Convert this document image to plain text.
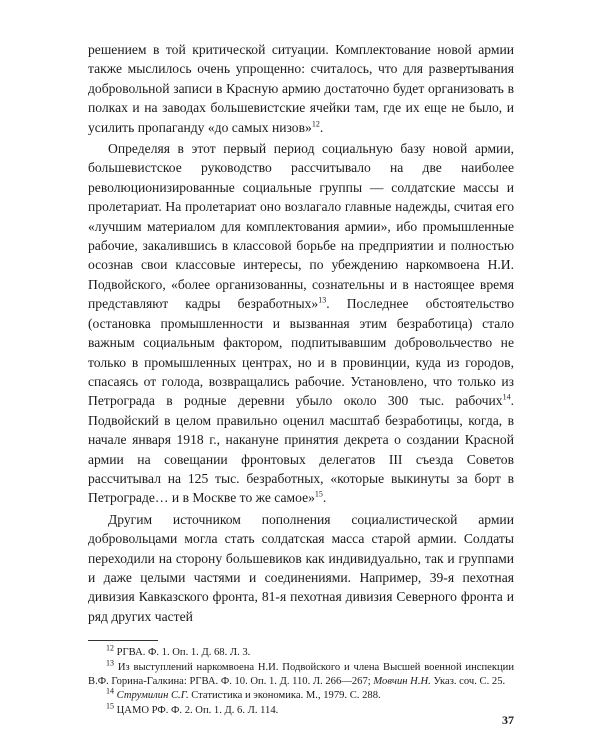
решением в той критической ситуации. Комплектование новой армии также мыслилось очень упрощенно: считалось, что для развертывания добровольной записи в Красную армию достаточно будет организовать в полках и на заводах большевистские ячейки там, где их еще не было, и усилить пропаганду «до самых низов»$^{12}$.

Определяя в этот первый период социальную базу новой армии, большевистское руководство рассчитывало на две наиболее революционизированные социальные группы — солдатские массы и пролетариат. На пролетариат оно возлагало главные надежды, считая его «лучшим материалом для комплектования армии», ибо промышленные рабочие, закалившись в классовой борьбе на предприятии и полностью осознав свои классовые интересы, по убеждению наркомвоена Н.И. Подвойского, «более организованны, сознательны и в настоящее время представляют кадры безработных»$^{13}$. Последнее обстоятельство (остановка промышленности и вызванная этим безработица) стало важным социальным фактором, подпитывавшим добровольчество не только в промышленных центрах, но и в провинции, куда из городов, спасаясь от голода, возвращались рабочие. Установлено, что только из Петрограда в родные деревни убыло около 300 тыс. рабочих$^{14}$. Подвойский в целом правильно оценил масштаб безработицы, когда, в начале января 1918 г., накануне принятия декрета о создании Красной армии на совещании фронтовых делегатов III съезда Советов рассчитывал на 125 тыс. безработных, «которые выкинуты за борт в Петрограде… и в Москве то же самое»$^{15}$.

Другим источником пополнения социалистической армии добровольцами могла стать солдатская масса старой армии. Солдаты переходили на сторону большевиков как индивидуально, так и группами и даже целыми частями и соединениями. Например, 39-я пехотная дивизия Кавказского фронта, 81-я пехотная дивизия Северного фронта и ряд других частей

$^{12}$ РГВА. Ф. 1. Оп. 1. Д. 68. Л. 3.

$^{13}$ Из выступлений наркомвоена Н.И. Подвойского и члена Высшей военной инспекции В.Ф. Горина-Галкина: РГВА. Ф. 10. Оп. 1. Д. 110. Л. 266—267; Мовчин Н.Н. Указ. соч. С. 25.

$^{14}$ Струмилин С.Г. Статистика и экономика. М., 1979. С. 288.

$^{15}$ ЦАМО РФ. Ф. 2. Оп. 1. Д. 6. Л. 114.

37
